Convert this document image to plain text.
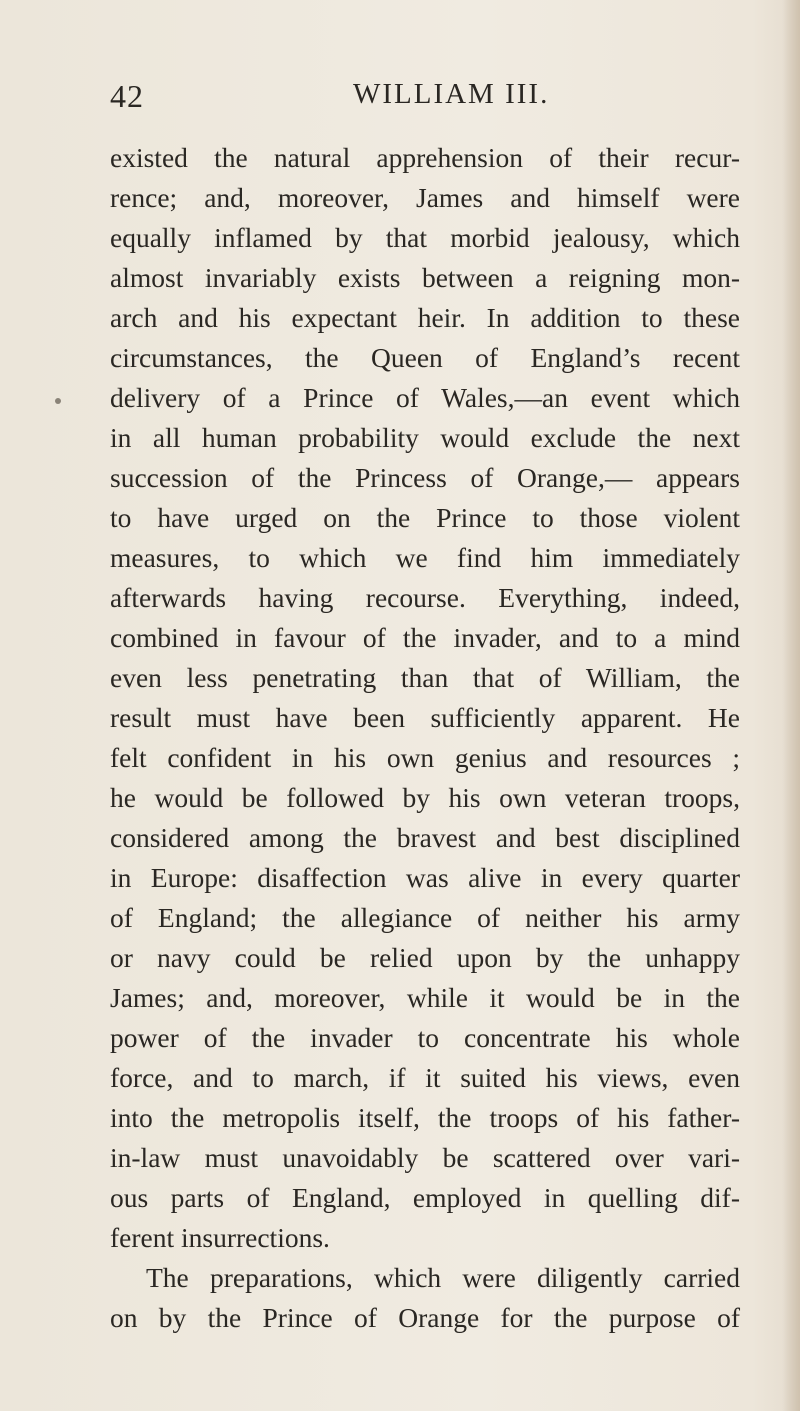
42	WILLIAM III.
existed the natural apprehension of their recur-
rence; and, moreover, James and himself were
equally inflamed by that morbid jealousy, which
almost invariably exists between a reigning mon-
arch and his expectant heir. In addition to these
circumstances, the Queen of England’s recent
delivery of a Prince of Wales,—an event which
in all human probability would exclude the next
succession of the Princess of Orange,— appears
to have urged on the Prince to those violent
measures, to which we find him immediately
afterwards having recourse. Everything, indeed,
combined in favour of the invader, and to a mind
even less penetrating than that of William, the
result must have been sufficiently apparent. He
felt confident in his own genius and resources ;
he would be followed by his own veteran troops,
considered among the bravest and best disciplined
in Europe: disaffection was alive in every quarter
of England; the allegiance of neither his army
or navy could be relied upon by the unhappy
James; and, moreover, while it would be in the
power of the invader to concentrate his whole
force, and to march, if it suited his views, even
into the metropolis itself, the troops of his father-
in-law must unavoidably be scattered over vari-
ous parts of England, employed in quelling dif-
ferent insurrections.
The preparations, which were diligently carried
on by the Prince of Orange for the purpose of
